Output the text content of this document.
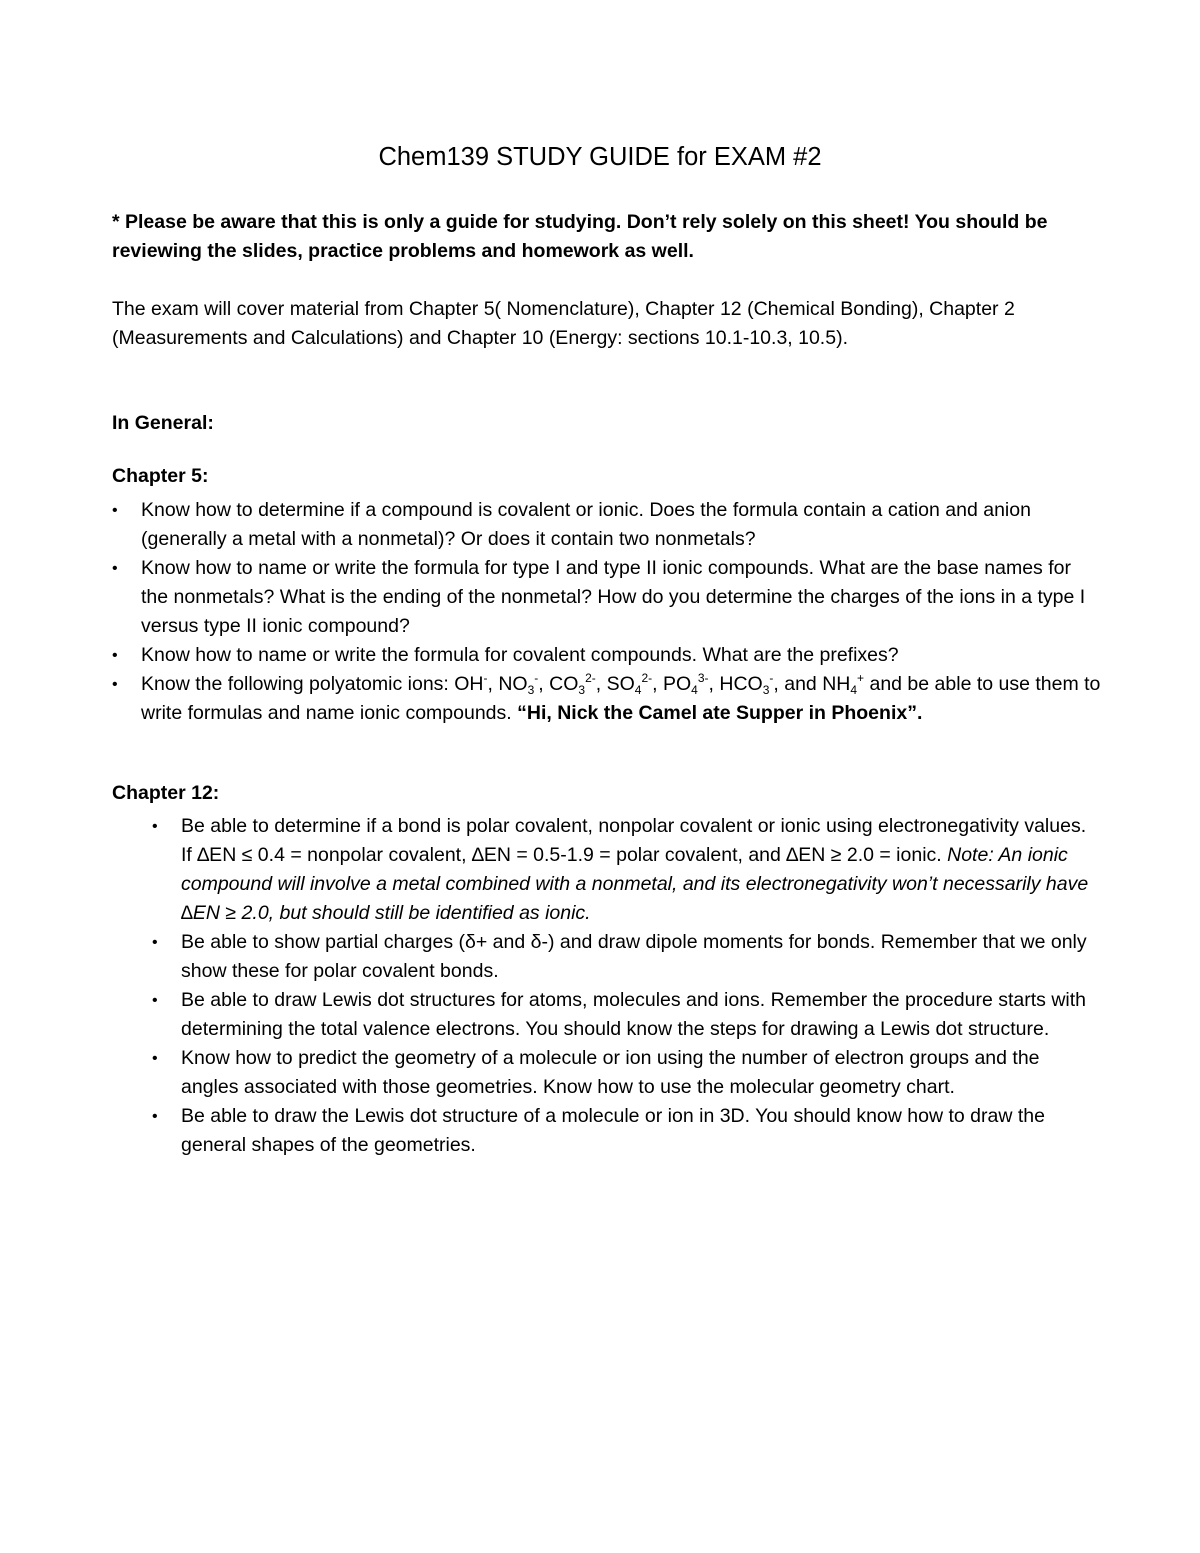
Chem139 STUDY GUIDE for EXAM #2
* Please be aware that this is only a guide for studying. Don’t rely solely on this sheet! You should be reviewing the slides, practice problems and homework as well.
The exam will cover material from Chapter 5( Nomenclature), Chapter 12 (Chemical Bonding), Chapter 2 (Measurements and Calculations) and Chapter 10 (Energy: sections 10.1-10.3, 10.5).
In General:
Chapter 5:
• Know how to determine if a compound is covalent or ionic. Does the formula contain a cation and anion (generally a metal with a nonmetal)? Or does it contain two nonmetals?
• Know how to name or write the formula for type I and type II ionic compounds. What are the base names for the nonmetals? What is the ending of the nonmetal? How do you determine the charges of the ions in a type I versus type II ionic compound?
• Know how to name or write the formula for covalent compounds. What are the prefixes?
• Know the following polyatomic ions: OH-, $NO_3^-$, $CO_3^{2-}$, $SO_4^{2-}$, $PO_4^{3-}$, $HCO_3^-$, and $NH_4^+$ and be able to use them to write formulas and name ionic compounds. “Hi, Nick the Camel ate Supper in Phoenix”.
Chapter 12:
• Be able to determine if a bond is polar covalent, nonpolar covalent or ionic using electronegativity values. If ∆EN ≤ 0.4 = nonpolar covalent, ∆EN = 0.5-1.9 = polar covalent, and ∆EN ≥ 2.0 = ionic. Note: An ionic compound will involve a metal combined with a nonmetal, and its electronegativity won’t necessarily have ∆EN ≥ 2.0, but should still be identified as ionic.
• Be able to show partial charges (δ+ and δ-) and draw dipole moments for bonds. Remember that we only show these for polar covalent bonds.
• Be able to draw Lewis dot structures for atoms, molecules and ions. Remember the procedure starts with determining the total valence electrons. You should know the steps for drawing a Lewis dot structure.
• Know how to predict the geometry of a molecule or ion using the number of electron groups and the angles associated with those geometries. Know how to use the molecular geometry chart.
• Be able to draw the Lewis dot structure of a molecule or ion in 3D. You should know how to draw the general shapes of the geometries.
